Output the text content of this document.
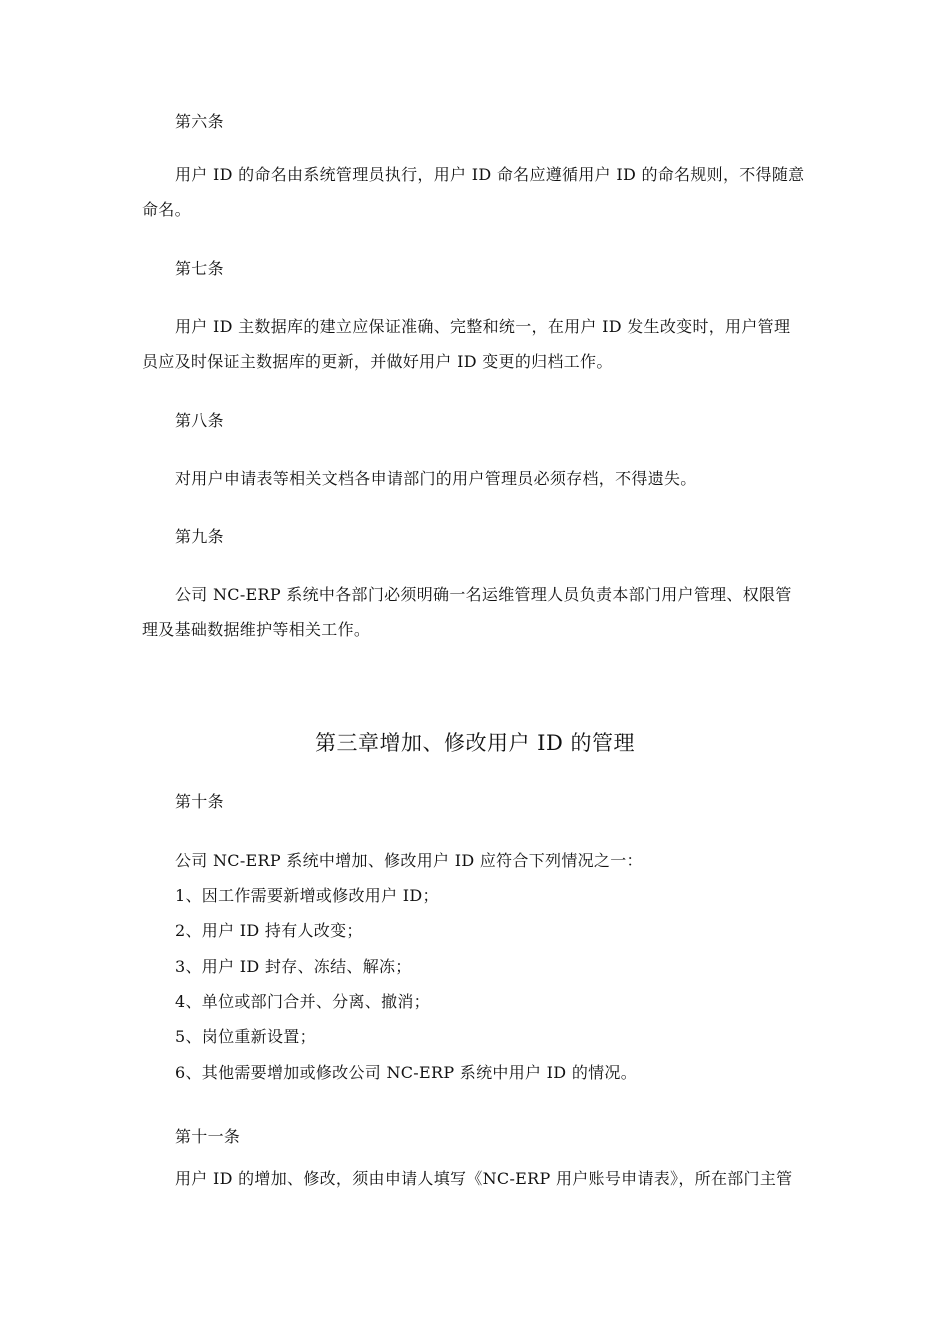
第六条
用户 ID 的命名由系统管理员执行，用户 ID 命名应遵循用户 ID 的命名规则，不得随意
命名。
第七条
用户 ID 主数据库的建立应保证准确、完整和统一，在用户 ID 发生改变时，用户管理
员应及时保证主数据库的更新，并做好用户 ID 变更的归档工作。
第八条
对用户申请表等相关文档各申请部门的用户管理员必须存档，不得遗失。
第九条
公司 NC-ERP 系统中各部门必须明确一名运维管理人员负责本部门用户管理、权限管
理及基础数据维护等相关工作。
第三章增加、修改用户 ID 的管理
第十条
公司 NC-ERP 系统中增加、修改用户 ID 应符合下列情况之一：
1、因工作需要新增或修改用户 ID；
2、用户 ID 持有人改变；
3、用户 ID 封存、冻结、解冻；
4、单位或部门合并、分离、撤消；
5、岗位重新设置；
6、其他需要增加或修改公司 NC-ERP 系统中用户 ID 的情况。
第十一条
用户 ID 的增加、修改，须由申请人填写《NC-ERP 用户账号申请表》，所在部门主管
